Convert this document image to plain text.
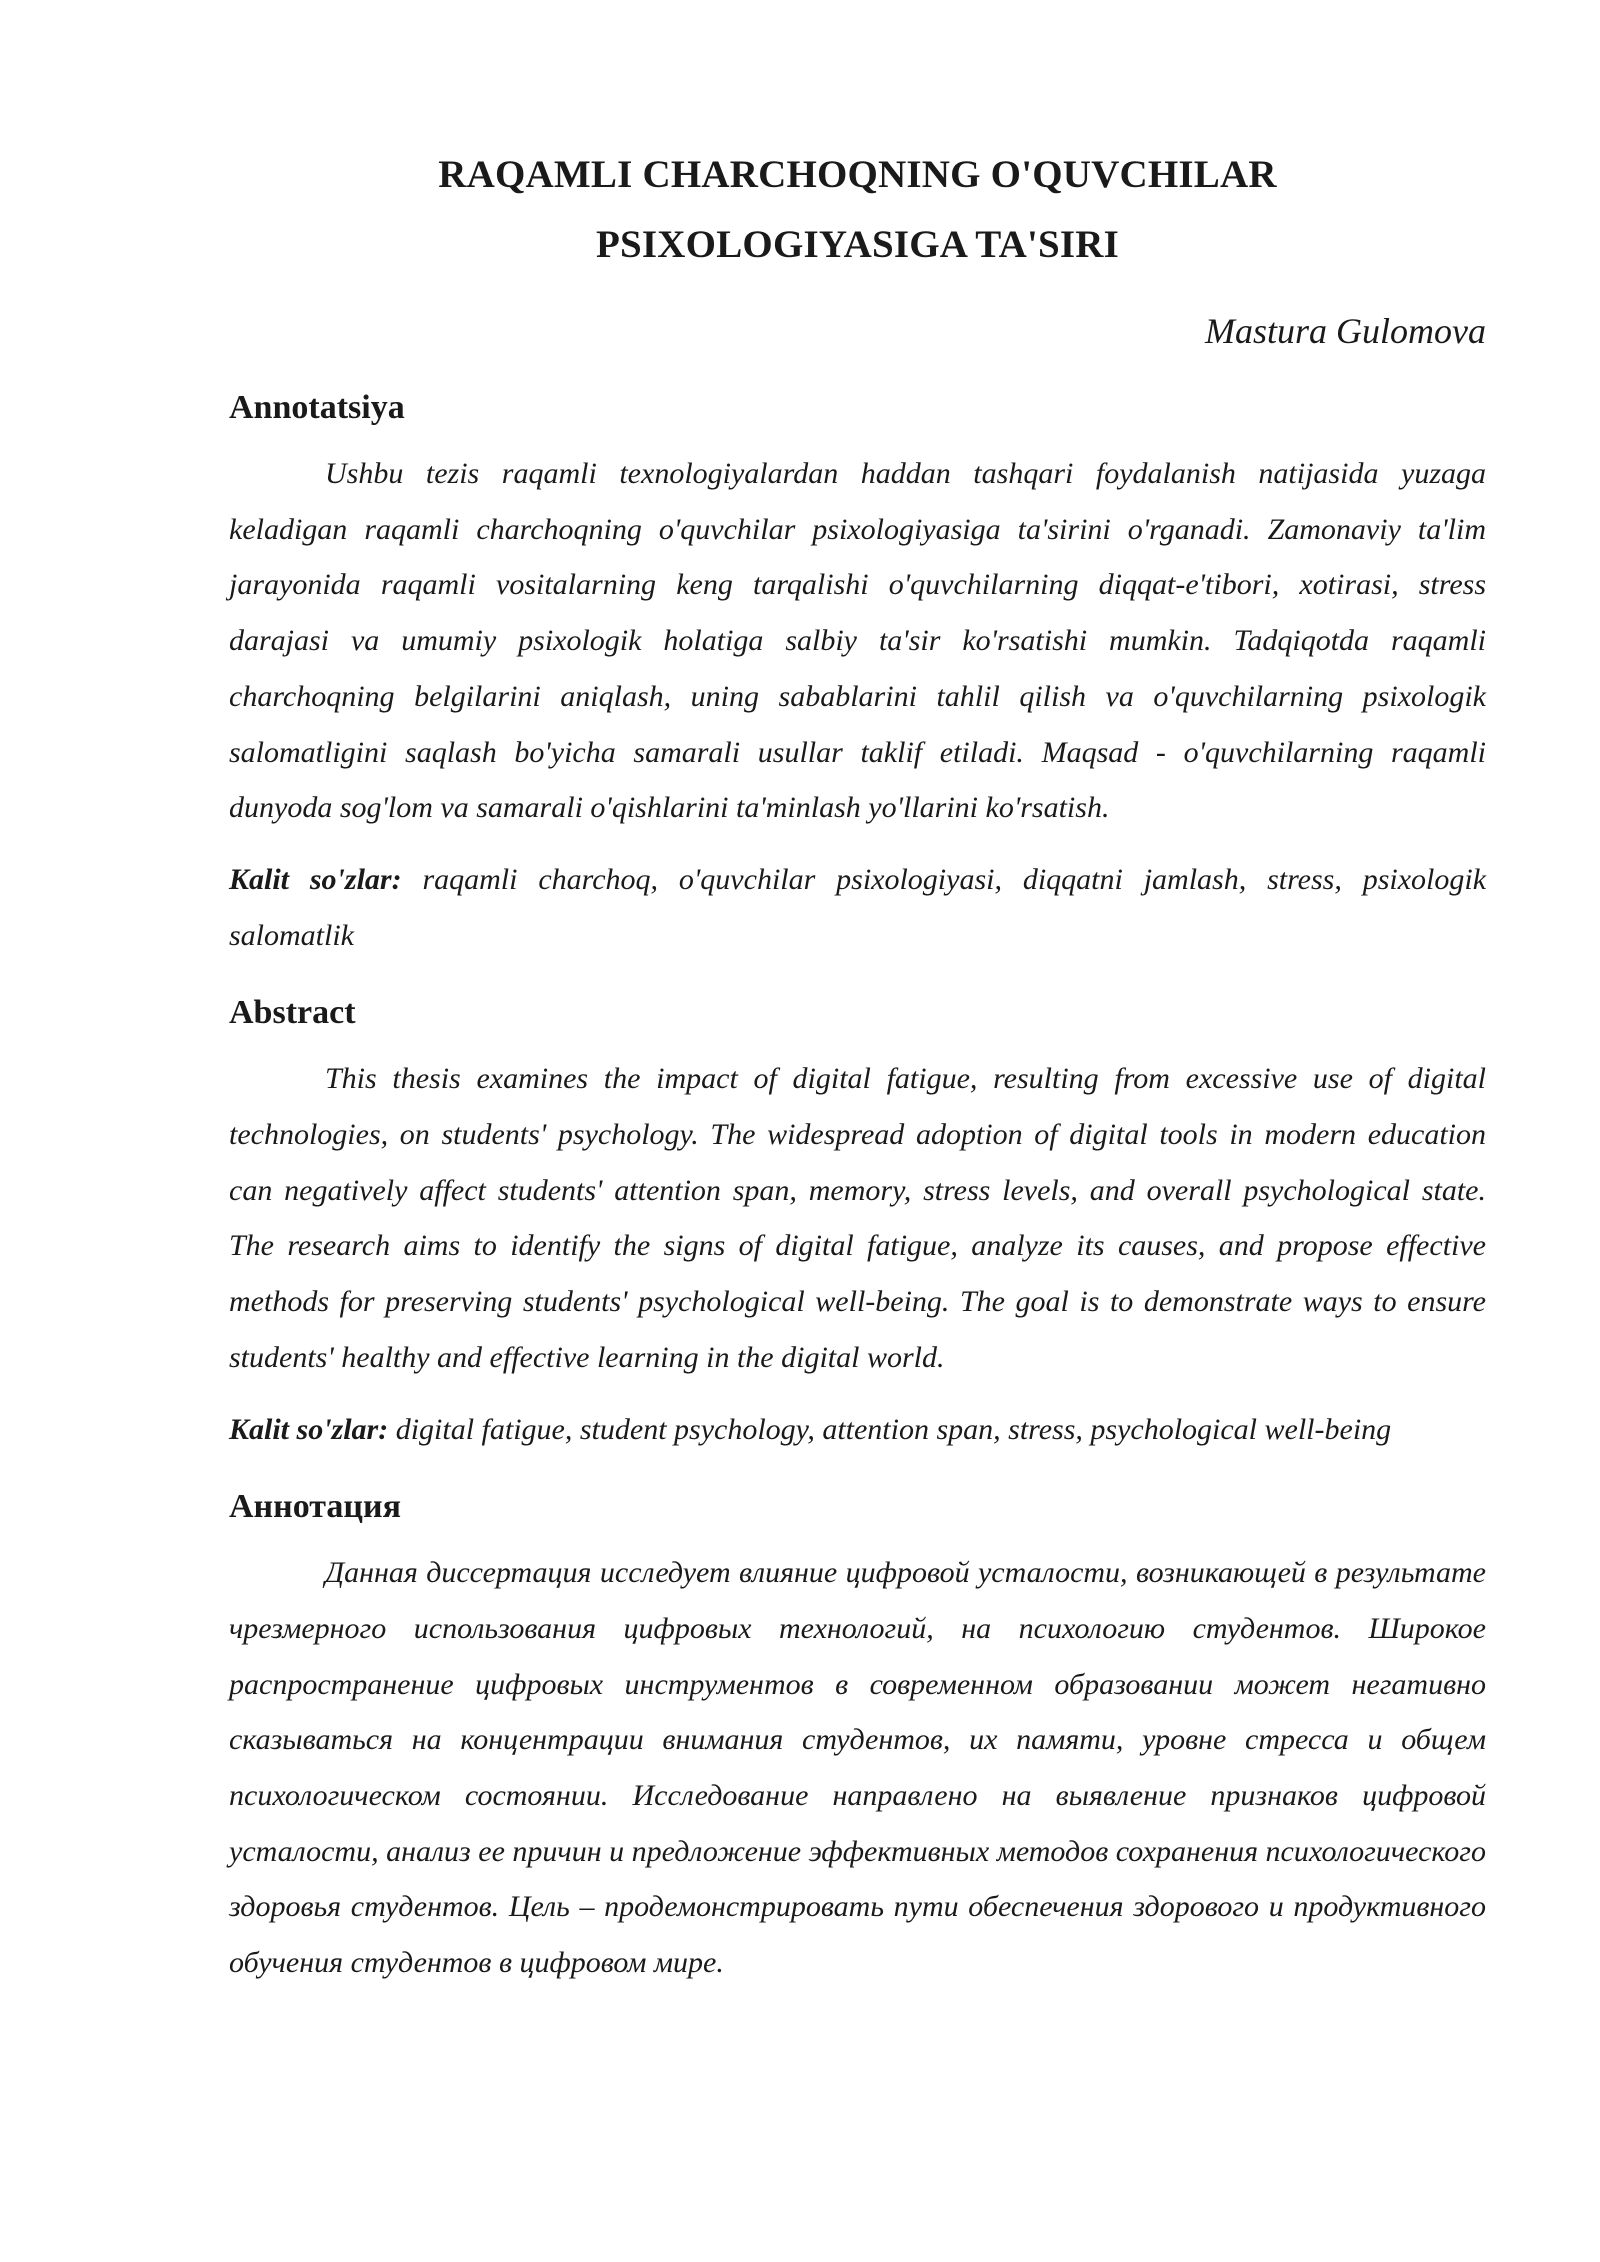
RAQAMLI CHARCHOQNING O'QUVCHILAR
PSIXOLOGIYASIGA TA'SIRI
Mastura Gulomova
Annotatsiya

Ushbu tezis raqamli texnologiyalardan haddan tashqari foydalanish natijasida yuzaga keladigan raqamli charchoqning o'quvchilar psixologiyasiga ta'sirini o'rganadi. Zamonaviy ta'lim jarayonida raqamli vositalarning keng tarqalishi o'quvchilarning diqqat-e'tibori, xotirasi, stress darajasi va umumiy psixologik holatiga salbiy ta'sir ko'rsatishi mumkin. Tadqiqotda raqamli charchoqning belgilarini aniqlash, uning sabablarini tahlil qilish va o'quvchilarning psixologik salomatligini saqlash bo'yicha samarali usullar taklif etiladi. Maqsad - o'quvchilarning raqamli dunyoda sog'lom va samarali o'qishlarini ta'minlash yo'llarini ko'rsatish.

Kalit so'zlar: raqamli charchoq, o'quvchilar psixologiyasi, diqqatni jamlash, stress, psixologik salomatlik

Abstract

This thesis examines the impact of digital fatigue, resulting from excessive use of digital technologies, on students' psychology. The widespread adoption of digital tools in modern education can negatively affect students' attention span, memory, stress levels, and overall psychological state. The research aims to identify the signs of digital fatigue, analyze its causes, and propose effective methods for preserving students' psychological well-being. The goal is to demonstrate ways to ensure students' healthy and effective learning in the digital world.

Kalit so'zlar: digital fatigue, student psychology, attention span, stress, psychological well-being

Аннотация

Данная диссертация исследует влияние цифровой усталости, возникающей в результате чрезмерного использования цифровых технологий, на психологию студентов. Широкое распространение цифровых инструментов в современном образовании может негативно сказываться на концентрации внимания студентов, их памяти, уровне стресса и общем психологическом состоянии. Исследование направлено на выявление признаков цифровой усталости, анализ ее причин и предложение эффективных методов сохранения психологического здоровья студентов. Цель – продемонстрировать пути обеспечения здорового и продуктивного обучения студентов в цифровом мире.
